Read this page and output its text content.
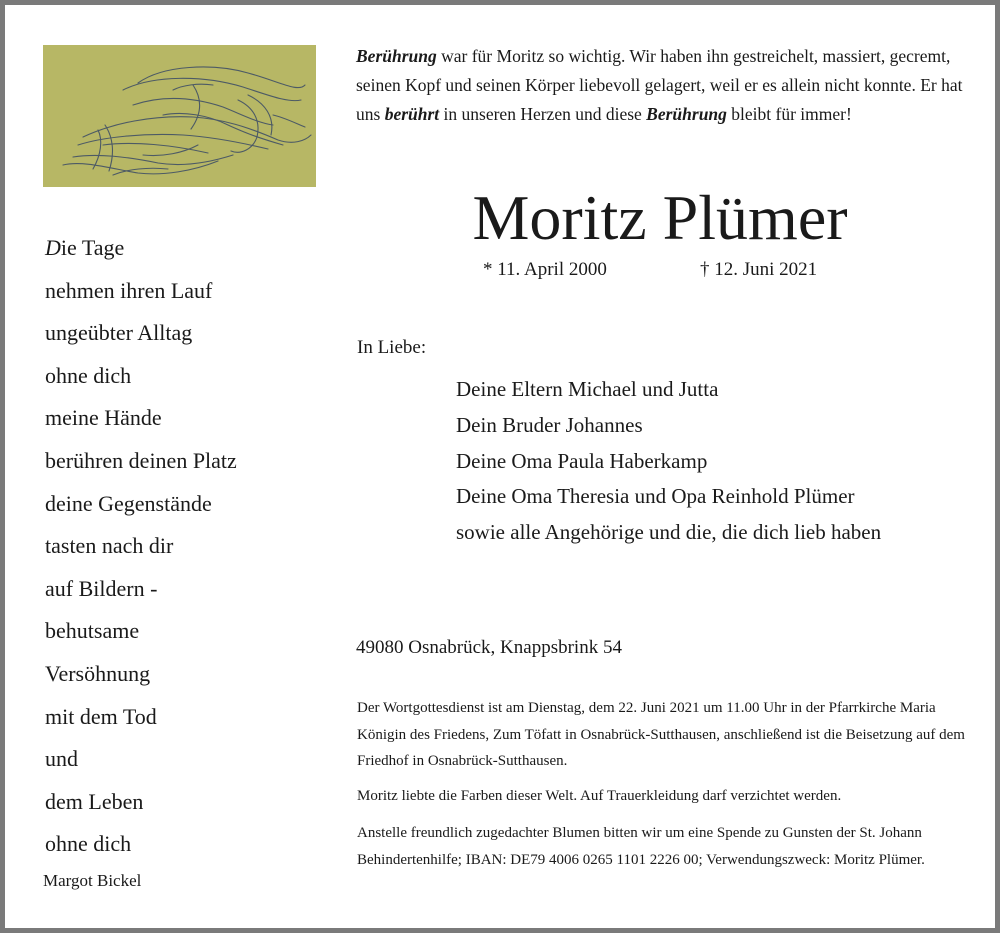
Berührung war für Moritz so wichtig. Wir haben ihn gestreichelt, massiert, gecremt, seinen Kopf und seinen Körper liebevoll gelagert, weil er es allein nicht konnte. Er hat uns berührt in unseren Herzen und diese Berührung bleibt für immer!
Moritz Plümer
* 11. April 2000	† 12. Juni 2021
In Liebe:
Deine Eltern Michael und Jutta
Dein Bruder Johannes
Deine Oma Paula Haberkamp
Deine Oma Theresia und Opa Reinhold Plümer
sowie alle Angehörige und die, die dich lieb haben
49080 Osnabrück, Knappsbrink 54
Der Wortgottesdienst ist am Dienstag, dem 22. Juni 2021 um 11.00 Uhr in der Pfarrkirche Maria Königin des Friedens, Zum Töfatt in Osnabrück-Sutthausen, anschließend ist die Beisetzung auf dem Friedhof in Osnabrück-Sutthausen.
Moritz liebte die Farben dieser Welt. Auf Trauerkleidung darf verzichtet werden.
Anstelle freundlich zugedachter Blumen bitten wir um eine Spende zu Gunsten der St. Johann Behindertenhilfe; IBAN: DE79 4006 0265 1101 2226 00; Verwendungszweck: Moritz Plümer.
Die Tage
nehmen ihren Lauf
ungeübter Alltag
ohne dich
meine Hände
berühren deinen Platz
deine Gegenstände
tasten nach dir
auf Bildern -
behutsame
Versöhnung
mit dem Tod
und
dem Leben
ohne dich
Margot Bickel
